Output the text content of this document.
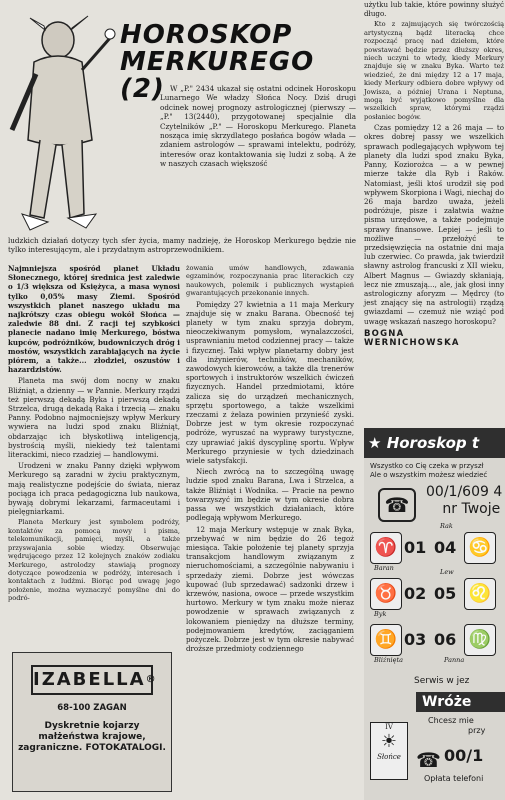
HOROSKOP
MERKUREGO (2) W „P." 2434 ukazał się ostatni odcinek Horoskopu Lunarnego We władzy Słońca Nocy. Dziś drugi odcinek nowej prognozy astrologicznej (pierwszy — „P." 13(2440), przygotowanej specjalnie dla Czytelników „P." — Horoskopu Merkurego. Planeta nosząca imię skrzydlatego posłańca bogów włada — zdaniem astrologów — sprawami intelektu, podróży, interesów oraz kontaktowania się ludzi z sobą. A że w naszych czasach większość

ludzkich działań dotyczy tych sfer życia, mamy nadzieję, że Horoskop Merkurego będzie nie tylko interesującym, ale i przydatnym astroprzewodnikiem.

Najmniejsza spośród planet Układu Słonecznego, której średnica jest zaledwie o 1/3 większa od Księżyca, a masa wynosi tylko 0,05% masy Ziemi. Spośród wszystkich planet naszego układu ma najkrótszy czas obiegu wokół Słońca — zaledwie 88 dni. Z racji tej szybkości planecie nadano imię Merkurego, bóstwa kupców, podróżników, budowniczych dróg i mostów, wszystkich zarabiających na życie piórem, a także... złodziei, oszustów i hazardzistów.

Planeta ma swój dom nocny w znaku Bliźniąt, a dzienny — w Pannie. Merkury rządzi też pierwszą dekadą Byka i pierwszą dekadą Strzelca, drugą dekadą Raka i trzecią — znaku Panny. Podobno najmocniejszy wpływ Merkury wywiera na ludzi spod znaku Bliźniąt, obdarzając ich błyskotliwą inteligencją, bystrością myśli, niekiedy też talentami literackimi, nieco rzadziej — handlowymi.

Urodzeni w znaku Panny dzięki wpływom Merkurego są zaradni w życiu praktycznym, mają realistyczne podejście do świata, nieraz pociąga ich praca pedagogiczna lub naukowa, bywają dobrymi lekarzami, farmaceutami i pielęgniarkami.

Planeta Merkury jest symbolem podróży, kontaktów za pomocą mowy i pisma, telekomunikacji, pamięci, myśli, a także przyswajania sobie wiedzy. Obserwując wędrującego przez 12 kolejnych znaków zodiaku Merkurego, astrolodzy stawiają prognozy dotyczące powodzenia w podróży, interesach i kontaktach z ludźmi. Biorąc pod uwagę jego położenie, można wyznaczyć pomyślne dni do podró-

żowania umów handlowych, zdawania egzaminów, rozpoczynania prac literackich czy naukowych, polemik i publicznych wystąpień gwarantujących przekonanie innych.

Pomiędzy 27 kwietnia a 11 maja Merkury znajduje się w znaku Barana. Obecność tej planety w tym znaku sprzyja dobrym, nieoczekiwanym pomysłom, wynalazczości, usprawnianiu metod codziennej pracy — także i fizycznej. Taki wpływ planetarny dobry jest dla inżynierów, techników, mechaników, zawodowych kierowców, a także dla trenerów sportowych i instruktorów wszelkich ćwiczeń fizycznych. Handel przedmiotami, które zalicza się do urządzeń mechanicznych, sprzętu sportowego, a także wszelkimi rzeczami z żelaza powinien przynieść zyski. Dobrze jest w tym okresie rozpoczynać podróże, wyruszać na wyprawy turystyczne, czy uprawiać jakiś dyscyplinę sportu. Wpływ Merkurego przyniesie w tych dziedzinach wiele satysfakcji.

Niech zwrócą na to szczególną uwagę ludzie spod znaku Barana, Lwa i Strzelca, a także Bliźniąt i Wodnika. — Pracie na pewno towarzyszyć im będzie w tym okresie dobra passa we wszystkich działaniach, które podlegają wpływom Merkurego.

12 maja Merkury wstępuje w znak Byka, przebywać w nim będzie do 26 tegoż miesiąca. Takie położenie tej planety sprzyja transakcjom handlowym związanym z nieruchomościami, a szczególnie nabywaniu i sprzedaży ziemi. Dobrze jest wówczas kupować (lub sprzedawać) sadzonki drzew i krzewów, nasiona, owoce — przede wszystkim hurtowo. Merkury w tym znaku może nieraz powodzenie w sprawach związanych z lokowaniem pieniędzy na dłuższe terminy, podejmowaniem kredytów, zaciąganiem pożyczek. Dobrze jest w tym okresie nabywać droższe przedmioty codziennego

użytku lub takie, które powinny służyć długo.

Kto z zajmujących się twórczością artystyczną bądź literacką chce rozpocząć pracę nad dziełem, które powstawać będzie przez dłuższy okres, niech uczyni to wtedy, kiedy Merkury znajduje się w znaku Byka. Warto też wiedzieć, że dni między 12 a 17 maja, kiedy Merkury odbiera dobre wpływy od Jowisza, a później Urana i Neptuna, mogą być wyjątkowo pomyślne dla wszelkich spraw, którymi rządzi posłaniec bogów.

Czas pomiędzy 12 a 26 maja — to okres dobrej passy we wszelkich sprawach podlegających wpływom tej planety dla ludzi spod znaku Byka, Panny, Koziorożca — a w pewnej mierze także dla Ryb i Raków. Natomiast, jeśli ktoś urodził się pod wpływem Skorpiona i Wagi, niechaj do 26 maja bardzo uważa, jeżeli podróżuje, pisze i załatwia ważne pisma urzędowe, a także podejmuje sprawy finansowe. Lepiej — jeśli to możliwe — przełożyć te przedsięwzięcia na ostatnie dni maja lub czerwiec. Co prawda, jak twierdził sławny astrolog francuski z XII wieku, Albert Magnus — Gwiazdy skłaniają, lecz nie zmuszają..., ale, jak głosi inny astrologiczny aforyzm — Mędrcy (to jest znający się na astrologii) rządzą gwiazdami — czemuż nie wziąć pod uwagę wskazań naszego horoskopu?

BOGNA WERNICHOWSKA
IZABELLA®
68-100 ZAGAN
Dyskretnie kojarzy małżeństwa krajowe, zagraniczne. FOTOKATALOGI.
★ Horoskop t
Wszystko co Cię czeka w przyszł
Ale o wszystkim możesz wiedzieć
☎
00/1/609 4
nr Twoje
♈ 01
Baran
04 ♋
Rak
♉ 02
Byk
05 ♌
Lew
♊ 03
Bliźnięta
06 ♍
Panna
Serwis w jez
Wróże
Chcesz mie
przy
IV
☀
Słońce ☎ 00/1
Opłata telefoni
